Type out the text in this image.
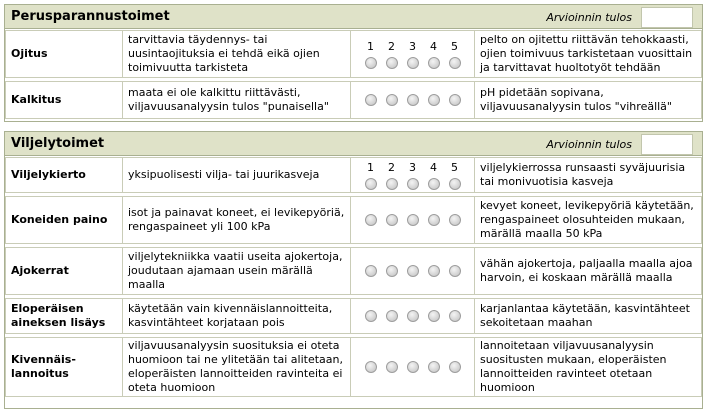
Perusparannustoimet	Arvioinnin tulos
Ojitus	tarvittavia täydennys- tai uusintaojituksia ei tehdä eikä ojien toimivuutta tarkisteta	1 2 3 4 5	pelto on ojitettu riittävän tehokkaasti, ojien toimivuus tarkistetaan vuosittain ja tarvittavat huoltotyöt tehdään
Kalkitus	maata ei ole kalkittu riittävästi, viljavuusanalyysin tulos "punaisella"		pH pidetään sopivana, viljavuusanalyysin tulos "vihreällä"
Viljelytoimet	Arvioinnin tulos
Viljelykierto	yksipuolisesti vilja- tai juurikasveja	1 2 3 4 5	viljelykierrossa runsaasti syväjuurisia tai monivuotisia kasveja
Koneiden paino	isot ja painavat koneet, ei levikepyöriä, rengaspaineet yli 100 kPa		kevyet koneet, levikepyöriä käytetään, rengaspaineet olosuhteiden mukaan, märällä maalla 50 kPa
Ajokerrat	viljelytekniikka vaatii useita ajokertoja, joudutaan ajamaan usein märällä maalla		vähän ajokertoja, paljaalla maalla ajoa harvoin, ei koskaan märällä maalla
Eloperäisen aineksen lisäys	käytetään vain kivennäislannoitteita, kasvintähteet korjataan pois		karjanlantaa käytetään, kasvintähteet sekoitetaan maahan
Kivennäis-lannoitus	viljavuusanalyysin suosituksia ei oteta huomioon tai ne ylitetään tai alitetaan, eloperäisten lannoitteiden ravinteita ei oteta huomioon		lannoitetaan viljavuusanalyysin suositusten mukaan, eloperäisten lannoitteiden ravinteet otetaan huomioon
